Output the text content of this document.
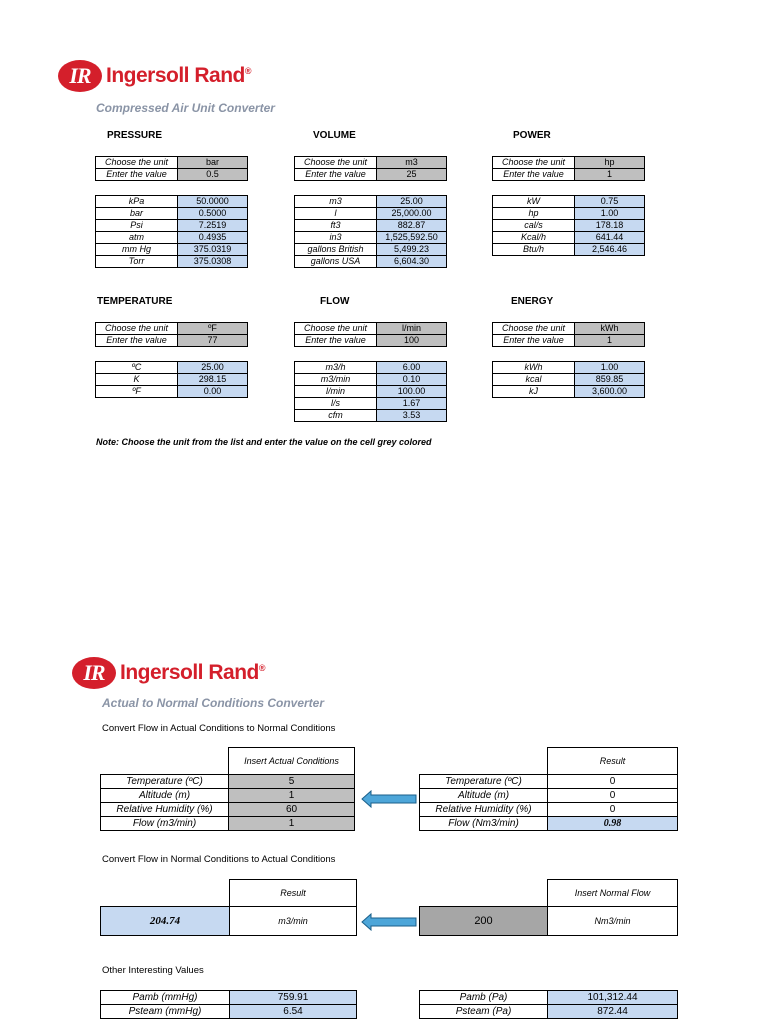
IR Ingersoll Rand®
Compressed Air Unit Converter
PRESSURE	VOLUME	POWER
Choose the unit	bar
Enter the value	0.5
kPa	50.0000
bar	0.5000
Psi	7.2519
atm	0.4935
mm Hg	375.0319
Torr	375.0308
Choose the unit	m3
Enter the value	25
m3	25.00
l	25,000.00
ft3	882.87
in3	1,525,592.50
gallons British	5,499.23
gallons USA	6,604.30
Choose the unit	hp
Enter the value	1
kW	0.75
hp	1.00
cal/s	178.18
Kcal/h	641.44
Btu/h	2,546.46
TEMPERATURE	FLOW	ENERGY
Choose the unit	ºF
Enter the value	77
ºC	25.00
K	298.15
ºF	0.00
Choose the unit	l/min
Enter the value	100
m3/h	6.00
m3/min	0.10
l/min	100.00
l/s	1.67
cfm	3.53
Choose the unit	kWh
Enter the value	1
kWh	1.00
kcal	859.85
kJ	3,600.00
Note: Choose the unit from the list and enter the value on the cell grey colored
IR Ingersoll Rand®
Actual to Normal Conditions Converter
Convert Flow in Actual Conditions to Normal Conditions
	Insert Actual Conditions
Temperature (ºC)	5
Altitude (m)	1
Relative Humidity (%)	60
Flow (m3/min)	1
	Result
Temperature (ºC)	0
Altitude (m)	0
Relative Humidity (%)	0
Flow (Nm3/min)	0.98
Convert Flow in Normal Conditions to Actual Conditions
	Result
204.74	m3/min
	Insert Normal Flow
200	Nm3/min
Other Interesting Values
Pamb (mmHg)	759.91
Psteam (mmHg)	6.54
Pamb (Pa)	101,312.44
Psteam (Pa)	872.44
